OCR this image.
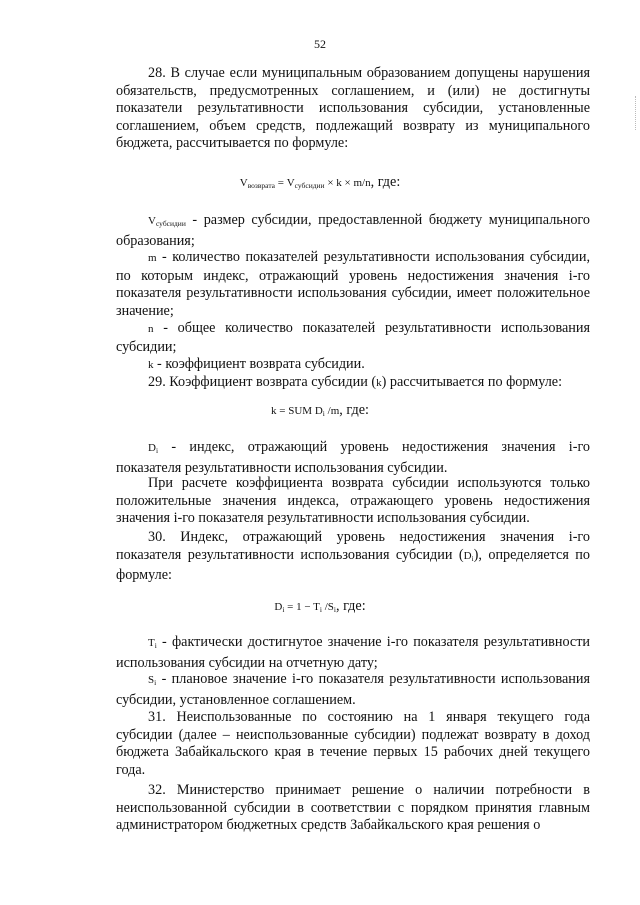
52

28. В случае если муниципальным образованием допущены нарушения обязательств, предусмотренных соглашением, и (или) не достигнуты показатели результативности использования субсидии, установленные соглашением, объем средств, подлежащий возврату из муниципального бюджета, рассчитывается по формуле:

$V_{возврата} = V_{субсидии} \times k \times m/n$, где:

$V_{субсидии}$ - размер субсидии, предоставленной бюджету муниципального образования;

m - количество показателей результативности использования субсидии, по которым индекс, отражающий уровень недостижения значения i-го показателя результативности использования субсидии, имеет положительное значение;

n - общее количество показателей результативности использования субсидии;

k - коэффициент возврата субсидии.

29. Коэффициент возврата субсидии (k) рассчитывается по формуле:

k = SUM $D_i$ /m, где:

$D_i$ - индекс, отражающий уровень недостижения значения i-го показателя результативности использования субсидии.

При расчете коэффициента возврата субсидии используются только положительные значения индекса, отражающего уровень недостижения значения i-го показателя результативности использования субсидии.

30. Индекс, отражающий уровень недостижения значения i-го показателя результативности использования субсидии $(D_i)$, определяется по формуле:

$D_i = 1 - T_i$ $/S_i$, где:

$T_i$ - фактически достигнутое значение i-го показателя результативности использования субсидии на отчетную дату;

$S_i$ - плановое значение i-го показателя результативности использования субсидии, установленное соглашением.

31. Неиспользованные по состоянию на 1 января текущего года субсидии (далее – неиспользованные субсидии) подлежат возврату в доход бюджета Забайкальского края в течение первых 15 рабочих дней текущего года.

32. Министерство принимает решение о наличии потребности в неиспользованной субсидии в соответствии с порядком принятия главным администратором бюджетных средств Забайкальского края решения о
